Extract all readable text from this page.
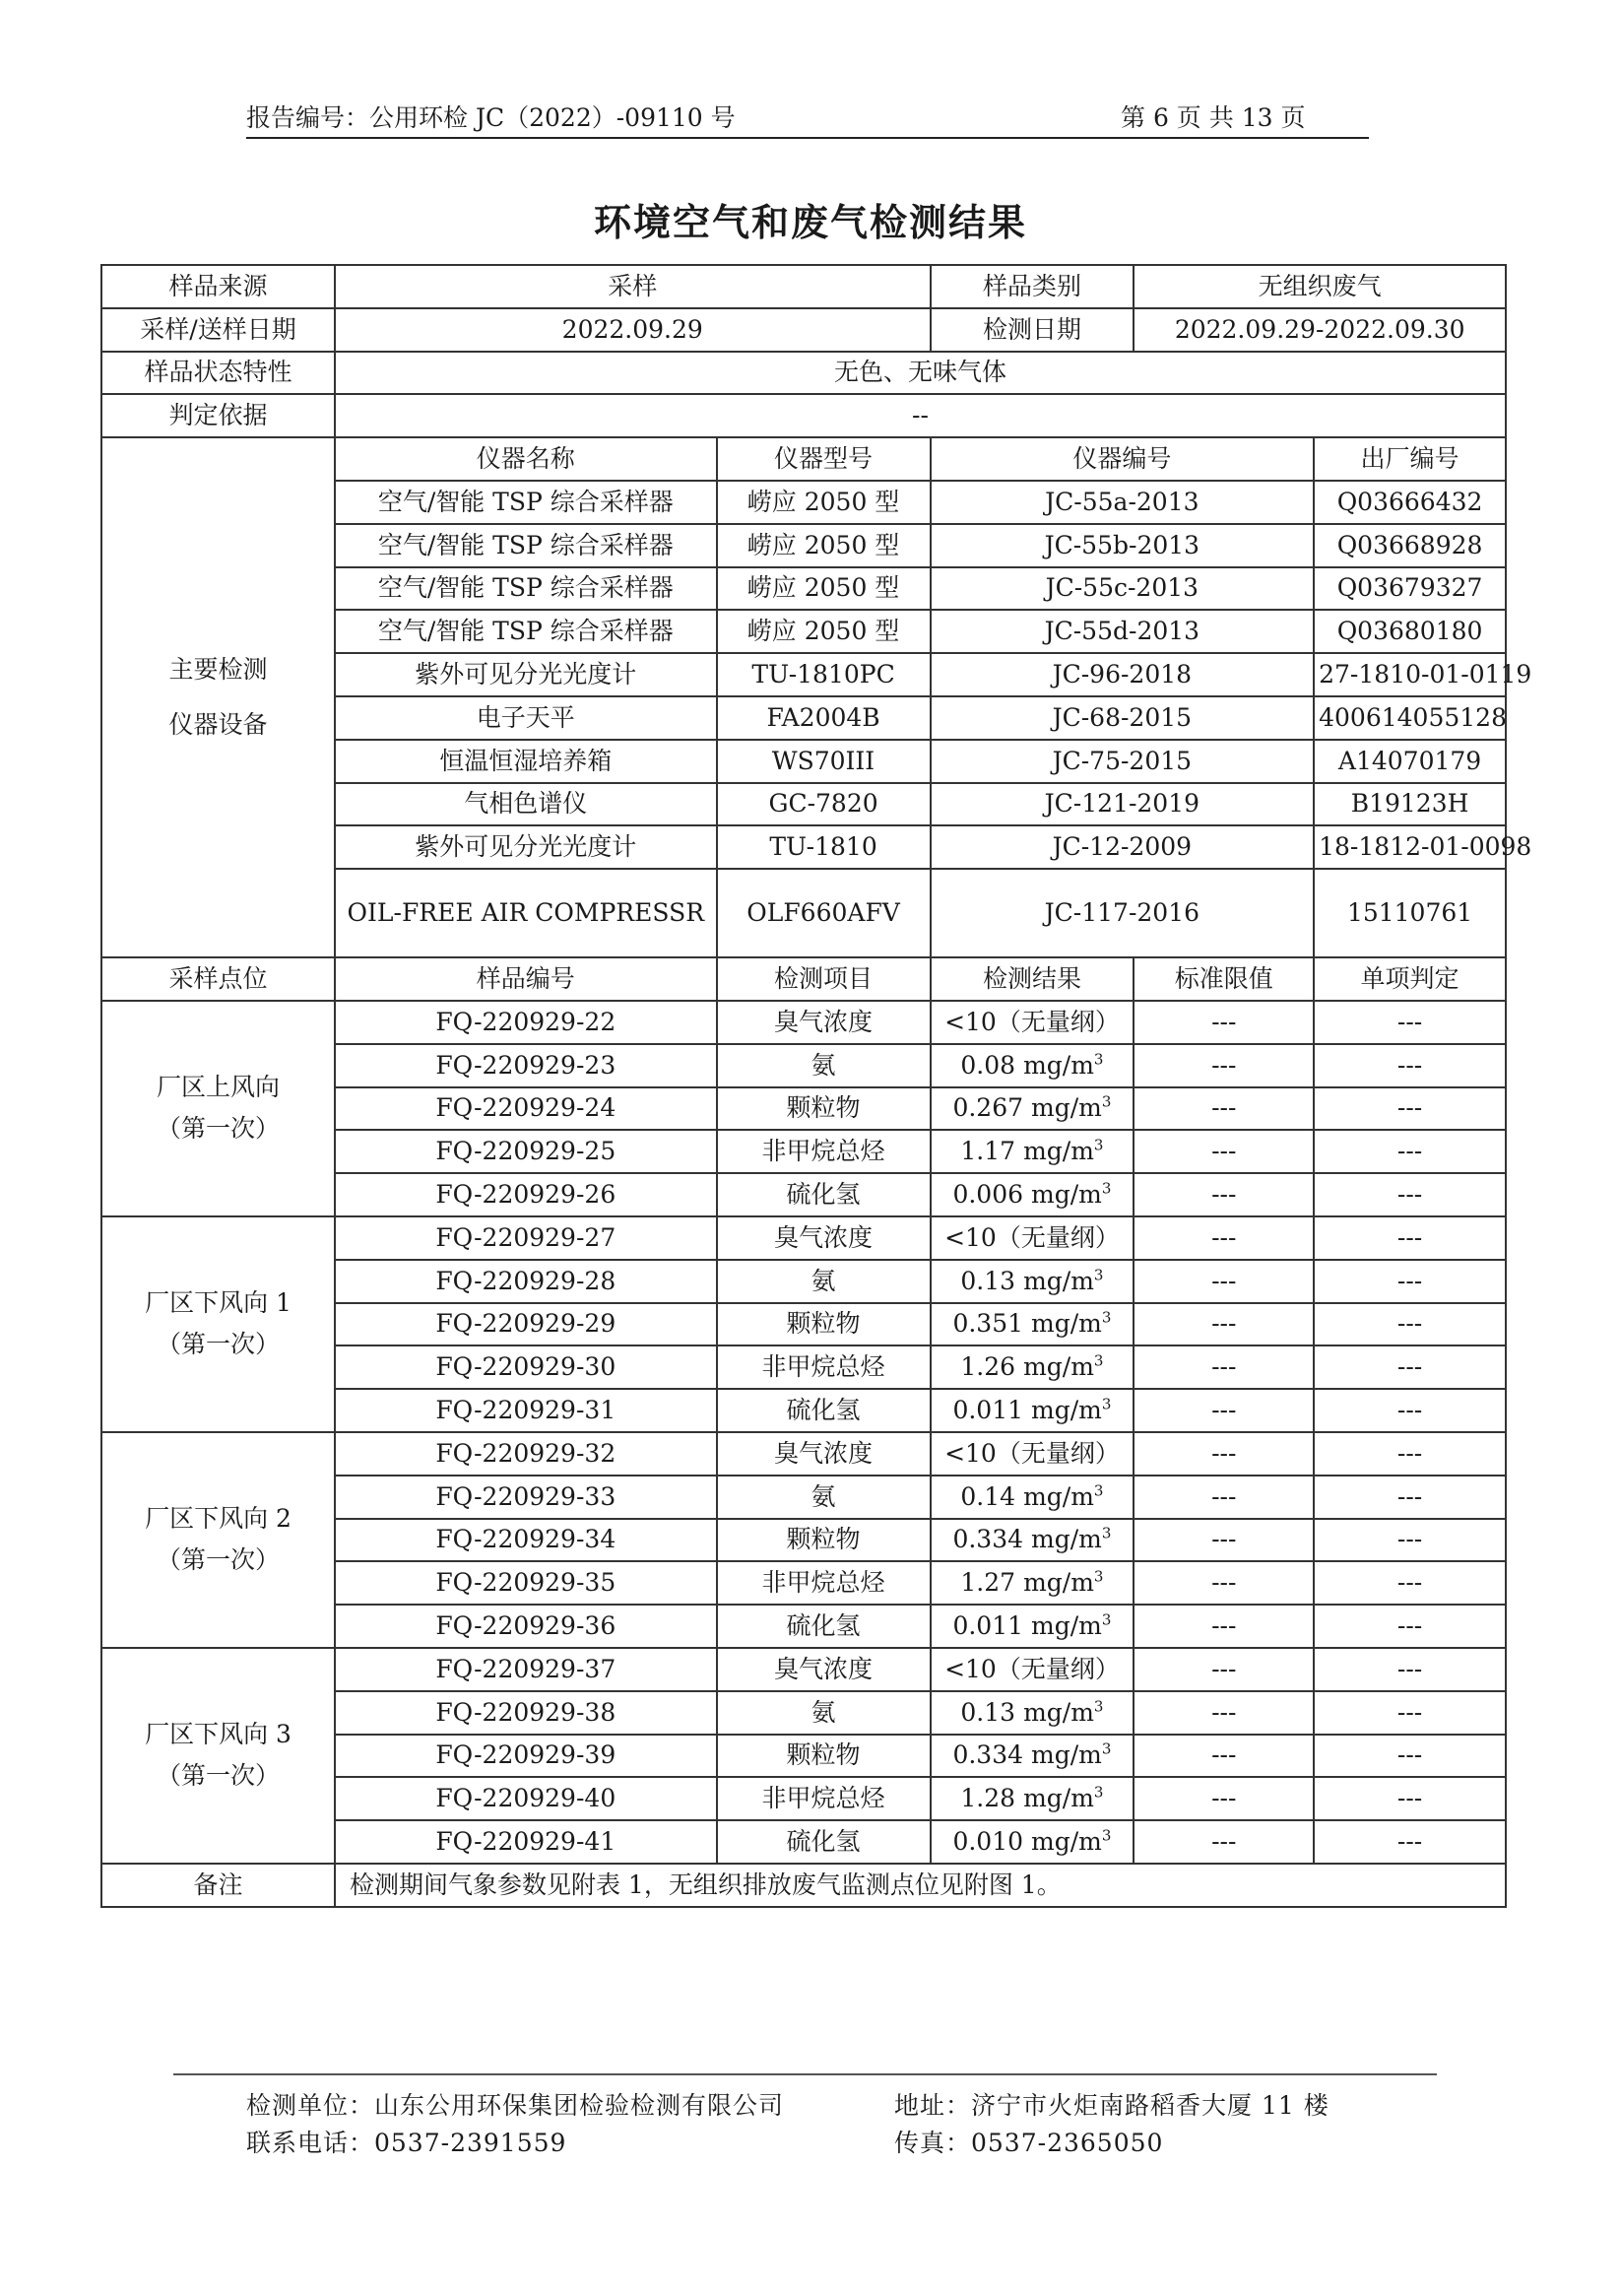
报告编号：公用环检 JC（2022）-09110 号	第 6 页 共 13 页
环境空气和废气检测结果
样品来源	采样		样品类别	无组织废气	
采样/送样日期	2022.09.29		检测日期	2022.09.29-2022.09.30	
样品状态特性	无色、无味气体				
判定依据	--				
主要检测
仪器设备	仪器名称	仪器型号	仪器编号		出厂编号
	空气/智能 TSP 综合采样器	崂应 2050 型	JC-55a-2013		Q03666432
	空气/智能 TSP 综合采样器	崂应 2050 型	JC-55b-2013		Q03668928
	空气/智能 TSP 综合采样器	崂应 2050 型	JC-55c-2013		Q03679327
	空气/智能 TSP 综合采样器	崂应 2050 型	JC-55d-2013		Q03680180
	紫外可见分光光度计	TU-1810PC	JC-96-2018		27-1810-01-0119
	电子天平	FA2004B	JC-68-2015		400614055128
	恒温恒湿培养箱	WS70III	JC-75-2015		A14070179
	气相色谱仪	GC-7820	JC-121-2019		B19123H
	紫外可见分光光度计	TU-1810	JC-12-2009		18-1812-01-0098
	OIL-FREE AIR COMPRESSR	OLF660AFV	JC-117-2016		15110761
采样点位	样品编号	检测项目	检测结果	标准限值	单项判定
厂区上风向
（第一次）	FQ-220929-22	臭气浓度	<10（无量纲）	---	---
	FQ-220929-23	氨	0.08 $mg/m^3$	---	---
	FQ-220929-24	颗粒物	0.267 $mg/m^3$	---	---
	FQ-220929-25	非甲烷总烃	1.17 $mg/m^3$	---	---
	FQ-220929-26	硫化氢	0.006 $mg/m^3$	---	---
厂区下风向 1
（第一次）	FQ-220929-27	臭气浓度	<10（无量纲）	---	---
	FQ-220929-28	氨	0.13 $mg/m^3$	---	---
	FQ-220929-29	颗粒物	0.351 $mg/m^3$	---	---
	FQ-220929-30	非甲烷总烃	1.26 $mg/m^3$	---	---
	FQ-220929-31	硫化氢	0.011 $mg/m^3$	---	---
厂区下风向 2
（第一次）	FQ-220929-32	臭气浓度	<10（无量纲）	---	---
	FQ-220929-33	氨	0.14 $mg/m^3$	---	---
	FQ-220929-34	颗粒物	0.334 $mg/m^3$	---	---
	FQ-220929-35	非甲烷总烃	1.27 $mg/m^3$	---	---
	FQ-220929-36	硫化氢	0.011 $mg/m^3$	---	---
厂区下风向 3
（第一次）	FQ-220929-37	臭气浓度	<10（无量纲）	---	---
	FQ-220929-38	氨	0.13 $mg/m^3$	---	---
	FQ-220929-39	颗粒物	0.334 $mg/m^3$	---	---
	FQ-220929-40	非甲烷总烃	1.28 $mg/m^3$	---	---
	FQ-220929-41	硫化氢	0.010 $mg/m^3$	---	---
备注	检测期间气象参数见附表 1，无组织排放废气监测点位见附图 1。				
检测单位：山东公用环保集团检验检测有限公司	地址：济宁市火炬南路稻香大厦 11 楼
联系电话：0537-2391559	传真：0537-2365050
